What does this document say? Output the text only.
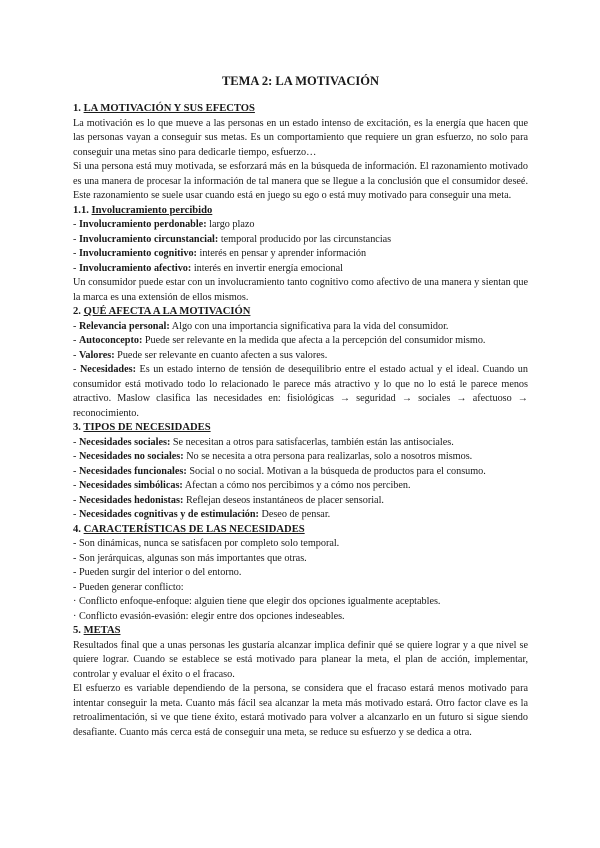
TEMA 2: LA MOTIVACIÓN
1. LA MOTIVACIÓN Y SUS EFECTOS

La motivación es lo que mueve a las personas en un estado intenso de excitación, es la energía que hacen que las personas vayan a conseguir sus metas. Es un comportamiento que requiere un gran esfuerzo, no solo para conseguir una metas sino para dedicarle tiempo, esfuerzo…

Si una persona está muy motivada, se esforzará más en la búsqueda de información. El razonamiento motivado es una manera de procesar la información de tal manera que se llegue a la conclusión que el consumidor deseé. Este razonamiento se suele usar cuando está en juego su ego o está muy motivado para conseguir una meta.

1.1. Involucramiento percibido

- Involucramiento perdonable: largo plazo

- Involucramiento circunstancial: temporal producido por las circunstancias

- Involucramiento cognitivo: interés en pensar y aprender información

- Involucramiento afectivo: interés en invertir energía emocional

Un consumidor puede estar con un involucramiento tanto cognitivo como afectivo de una manera y sientan que la marca es una extensión de ellos mismos.

2. QUÉ AFECTA A LA MOTIVACIÓN

- Relevancia personal: Algo con una importancia significativa para la vida del consumidor.

- Autoconcepto: Puede ser relevante en la medida que afecta a la percepción del consumidor mismo.

- Valores: Puede ser relevante en cuanto afecten a sus valores.

- Necesidades: Es un estado interno de tensión de desequilibrio entre el estado actual y el ideal. Cuando un consumidor está motivado todo lo relacionado le parece más atractivo y lo que no lo está le parece menos atractivo. Maslow clasifica las necesidades en: fisiológicas → seguridad → sociales → afectuoso → reconocimiento.

3. TIPOS DE NECESIDADES

- Necesidades sociales: Se necesitan a otros para satisfacerlas, también están las antisociales.

- Necesidades no sociales: No se necesita a otra persona para realizarlas, solo a nosotros mismos.

- Necesidades funcionales: Social o no social. Motivan a la búsqueda de productos para el consumo.

- Necesidades simbólicas: Afectan a cómo nos percibimos y a cómo nos perciben.

- Necesidades hedonistas: Reflejan deseos instantáneos de placer sensorial.

- Necesidades cognitivas y de estimulación: Deseo de pensar.

4. CARACTERÍSTICAS DE LAS NECESIDADES

- Son dinámicas, nunca se satisfacen por completo solo temporal.

- Son jerárquicas, algunas son más importantes que otras.

- Pueden surgir del interior o del entorno.

- Pueden generar conflicto:

· Conflicto enfoque-enfoque: alguien tiene que elegir dos opciones igualmente aceptables.

· Conflicto evasión-evasión: elegir entre dos opciones indeseables.

5. METAS

Resultados final que a unas personas les gustaría alcanzar implica definir qué se quiere lograr y a que nivel se quiere lograr. Cuando se establece se está motivado para planear la meta, el plan de acción, implementar, controlar y evaluar el éxito o el fracaso.

El esfuerzo es variable dependiendo de la persona, se considera que el fracaso estará menos motivado para intentar conseguir la meta. Cuanto más fácil sea alcanzar la meta más motivado estará. Otro factor clave es la retroalimentación, si ve que tiene éxito, estará motivado para volver a alcanzarlo en un futuro si sigue siendo desafiante. Cuanto más cerca está de conseguir una meta, se reduce su esfuerzo y se dedica a otra.
